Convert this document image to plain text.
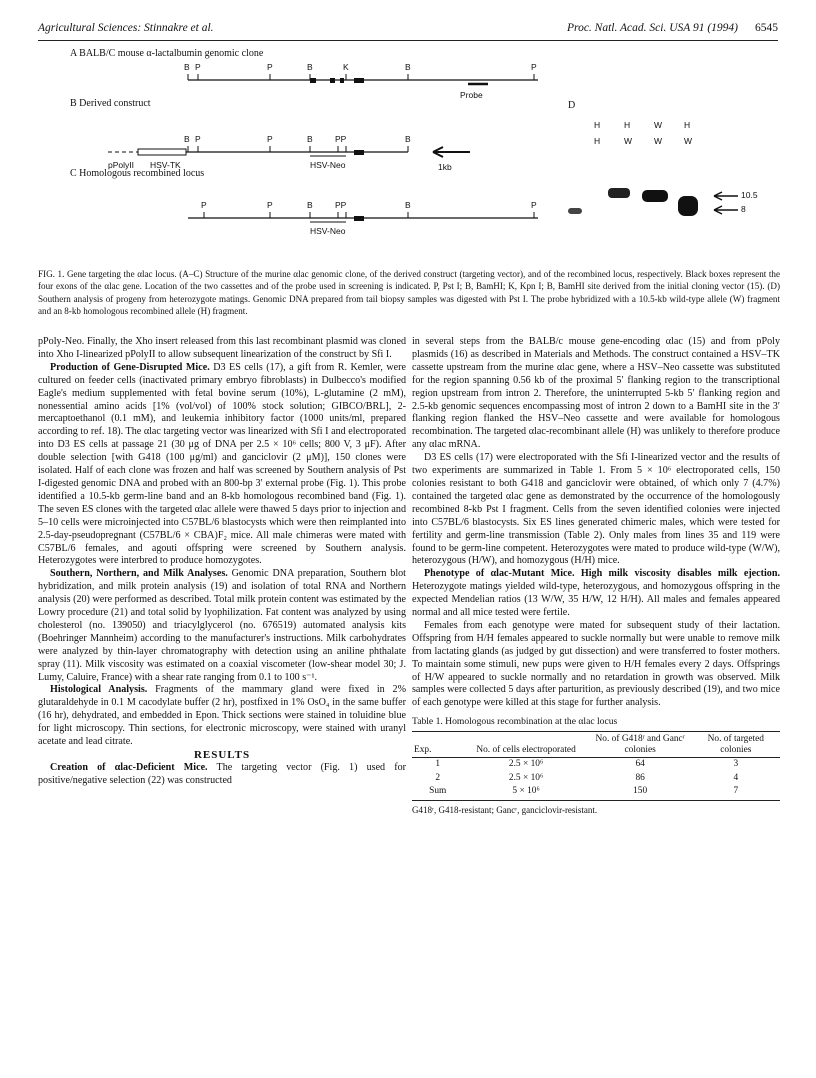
Agricultural Sciences: Stinnakre et al.	Proc. Natl. Acad. Sci. USA 91 (1994) 6545
A BALB/C mouse α-lactalbumin genomic clone
B Derived construct
C Homologous recombined locus
D
B P	P	B	K	B	P
Probe
B P	P	B	PP	B
pPolyII HSV-TK	HSV-Neo	1kb
P	P	B	PP	B	P
HSV-Neo
H	H	W	H
H	W	W	W
10.5
8
FIG. 1. Gene targeting the αlac locus. (A–C) Structure of the murine αlac genomic clone, of the derived construct (targeting vector), and of the recombined locus, respectively. Black boxes represent the four exons of the αlac gene. Location of the two cassettes and of the probe used in screening is indicated. P, Pst I; B, BamHI; K, Kpn I; B, BamHI site derived from the initial cloning vector (15). (D) Southern analysis of progeny from heterozygote matings. Genomic DNA prepared from tail biopsy samples was digested with Pst I. The probe hybridized with a 10.5-kb wild-type allele (W) fragment and an 8-kb homologous recombined allele (H) fragment.

pPoly-Neo. Finally, the Xho insert released from this last recombinant plasmid was cloned into Xho I-linearized pPolyII to allow subsequent linearization of the construct by Sfi I.

Production of Gene-Disrupted Mice. D3 ES cells (17), a gift from R. Kemler, were cultured on feeder cells (inactivated primary embryo fibroblasts) in Dulbecco's modified Eagle's medium supplemented with fetal bovine serum (10%), L-glutamine (2 mM), nonessential amino acids [1% (vol/vol) of 100% stock solution; GIBCO/BRL], 2-mercaptoethanol (0.1 mM), and leukemia inhibitory factor (1000 units/ml, prepared according to ref. 18). The αlac targeting vector was linearized with Sfi I and electroporated into D3 ES cells at passage 21 (30 μg of DNA per 2.5 × 10⁶ cells; 800 V, 3 μF). After double selection [with G418 (100 μg/ml) and ganciclovir (2 μM)], 150 clones were isolated. Half of each clone was frozen and half was screened by Southern analysis of Pst I-digested genomic DNA and probed with an 800-bp 3′ external probe (Fig. 1). This probe identified a 10.5-kb germ-line band and an 8-kb homologous recombined band (Fig. 1). The seven ES clones with the targeted αlac allele were thawed 5 days prior to injection and 5–10 cells were microinjected into C57BL/6 blastocysts which were then reimplanted into 2.5-day-pseudopregnant (C57BL/6 × CBA)F₂ mice. All male chimeras were mated with C57BL/6 females, and agouti offspring were screened by Southern analysis. Heterozygotes were interbred to produce homozygotes.

Southern, Northern, and Milk Analyses. Genomic DNA preparation, Southern blot hybridization, and milk protein analysis (19) and isolation of total RNA and Northern analysis (20) were performed as described. Total milk protein content was estimated by the Lowry procedure (21) and total solid by lyophilization. Fat content was analyzed by using cholesterol (no. 139050) and triacylglycerol (no. 676519) automated analysis kits (Boehringer Mannheim) according to the manufacturer's instructions. Milk carbohydrates were analyzed by thin-layer chromatography with detection using an aniline phthalate spray (11). Milk viscosity was estimated on a coaxial viscometer (low-shear model 30; J. Lumy, Caluire, France) with a shear rate ranging from 0.1 to 100 s⁻¹.

Histological Analysis. Fragments of the mammary gland were fixed in 2% glutaraldehyde in 0.1 M cacodylate buffer (2 hr), postfixed in 1% OsO₄ in the same buffer (16 hr), dehydrated, and embedded in Epon. Thick sections were stained in toluidine blue for light microscopy. Thin sections, for electronic microscopy, were stained with uranyl acetate and lead citrate.

RESULTS

Creation of αlac-Deficient Mice. The targeting vector (Fig. 1) used for positive/negative selection (22) was constructed

in several steps from the BALB/c mouse gene-encoding αlac (15) and from pPoly plasmids (16) as described in Materials and Methods. The construct contained a HSV–TK cassette upstream from the murine αlac gene, where a HSV–Neo cassette was substituted for the region spanning 0.56 kb of the proximal 5′ flanking region to the transcriptional region upstream from intron 2. Therefore, the uninterrupted 5-kb 5′ flanking region and 2.5-kb genomic sequences encompassing most of intron 2 down to a BamHI site in the 3′ flanking region flanked the HSV–Neo cassette and were available for homologous recombination. The targeted αlac-recombinant allele (H) was unlikely to therefore produce any αlac mRNA.

D3 ES cells (17) were electroporated with the Sfi I-linearized vector and the results of two experiments are summarized in Table 1. From 5 × 10⁶ electroporated cells, 150 colonies resistant to both G418 and ganciclovir were obtained, of which only 7 (4.7%) contained the targeted αlac gene as demonstrated by the occurrence of the homologously recombined 8-kb Pst I fragment. Cells from the seven identified colonies were injected into C57BL/6 blastocysts. Six ES lines generated chimeric males, which were tested for fertility and germ-line transmission (Table 2). Only males from lines 35 and 119 were found to be germ-line competent. Heterozygotes were mated to produce wild-type (W/W), heterozygous (H/W), and homozygous (H/H) mice.

Phenotype of αlac-Mutant Mice. High milk viscosity disables milk ejection. Heterozygote matings yielded wild-type, heterozygous, and homozygous offspring in the expected Mendelian ratios (13 W/W, 35 H/W, 12 H/H). All males and females appeared normal and all mice tested were fertile.

Females from each genotype were mated for subsequent study of their lactation. Offspring from H/H females appeared to suckle normally but were unable to remove milk from lactating glands (as judged by gut dissection) and were transferred to foster mothers. To maintain some stimuli, new pups were given to H/H females every 2 days. Offsprings of H/W appeared to suckle normally and no retardation in growth was observed. Milk samples were collected 5 days after parturition, as previously described (19), and two mice of each genotype were killed at this stage for further analysis.

Table 1. Homologous recombination at the αlac locus
Exp.	No. of cells electroporated	No. of G418ʳ and Gancʳ colonies	No. of targeted colonies
1	2.5 × 10⁶	64	3
2	2.5 × 10⁶	86	4
Sum	5 × 10⁶	150	7
G418ʳ, G418-resistant; Gancʳ, ganciclovir-resistant.
